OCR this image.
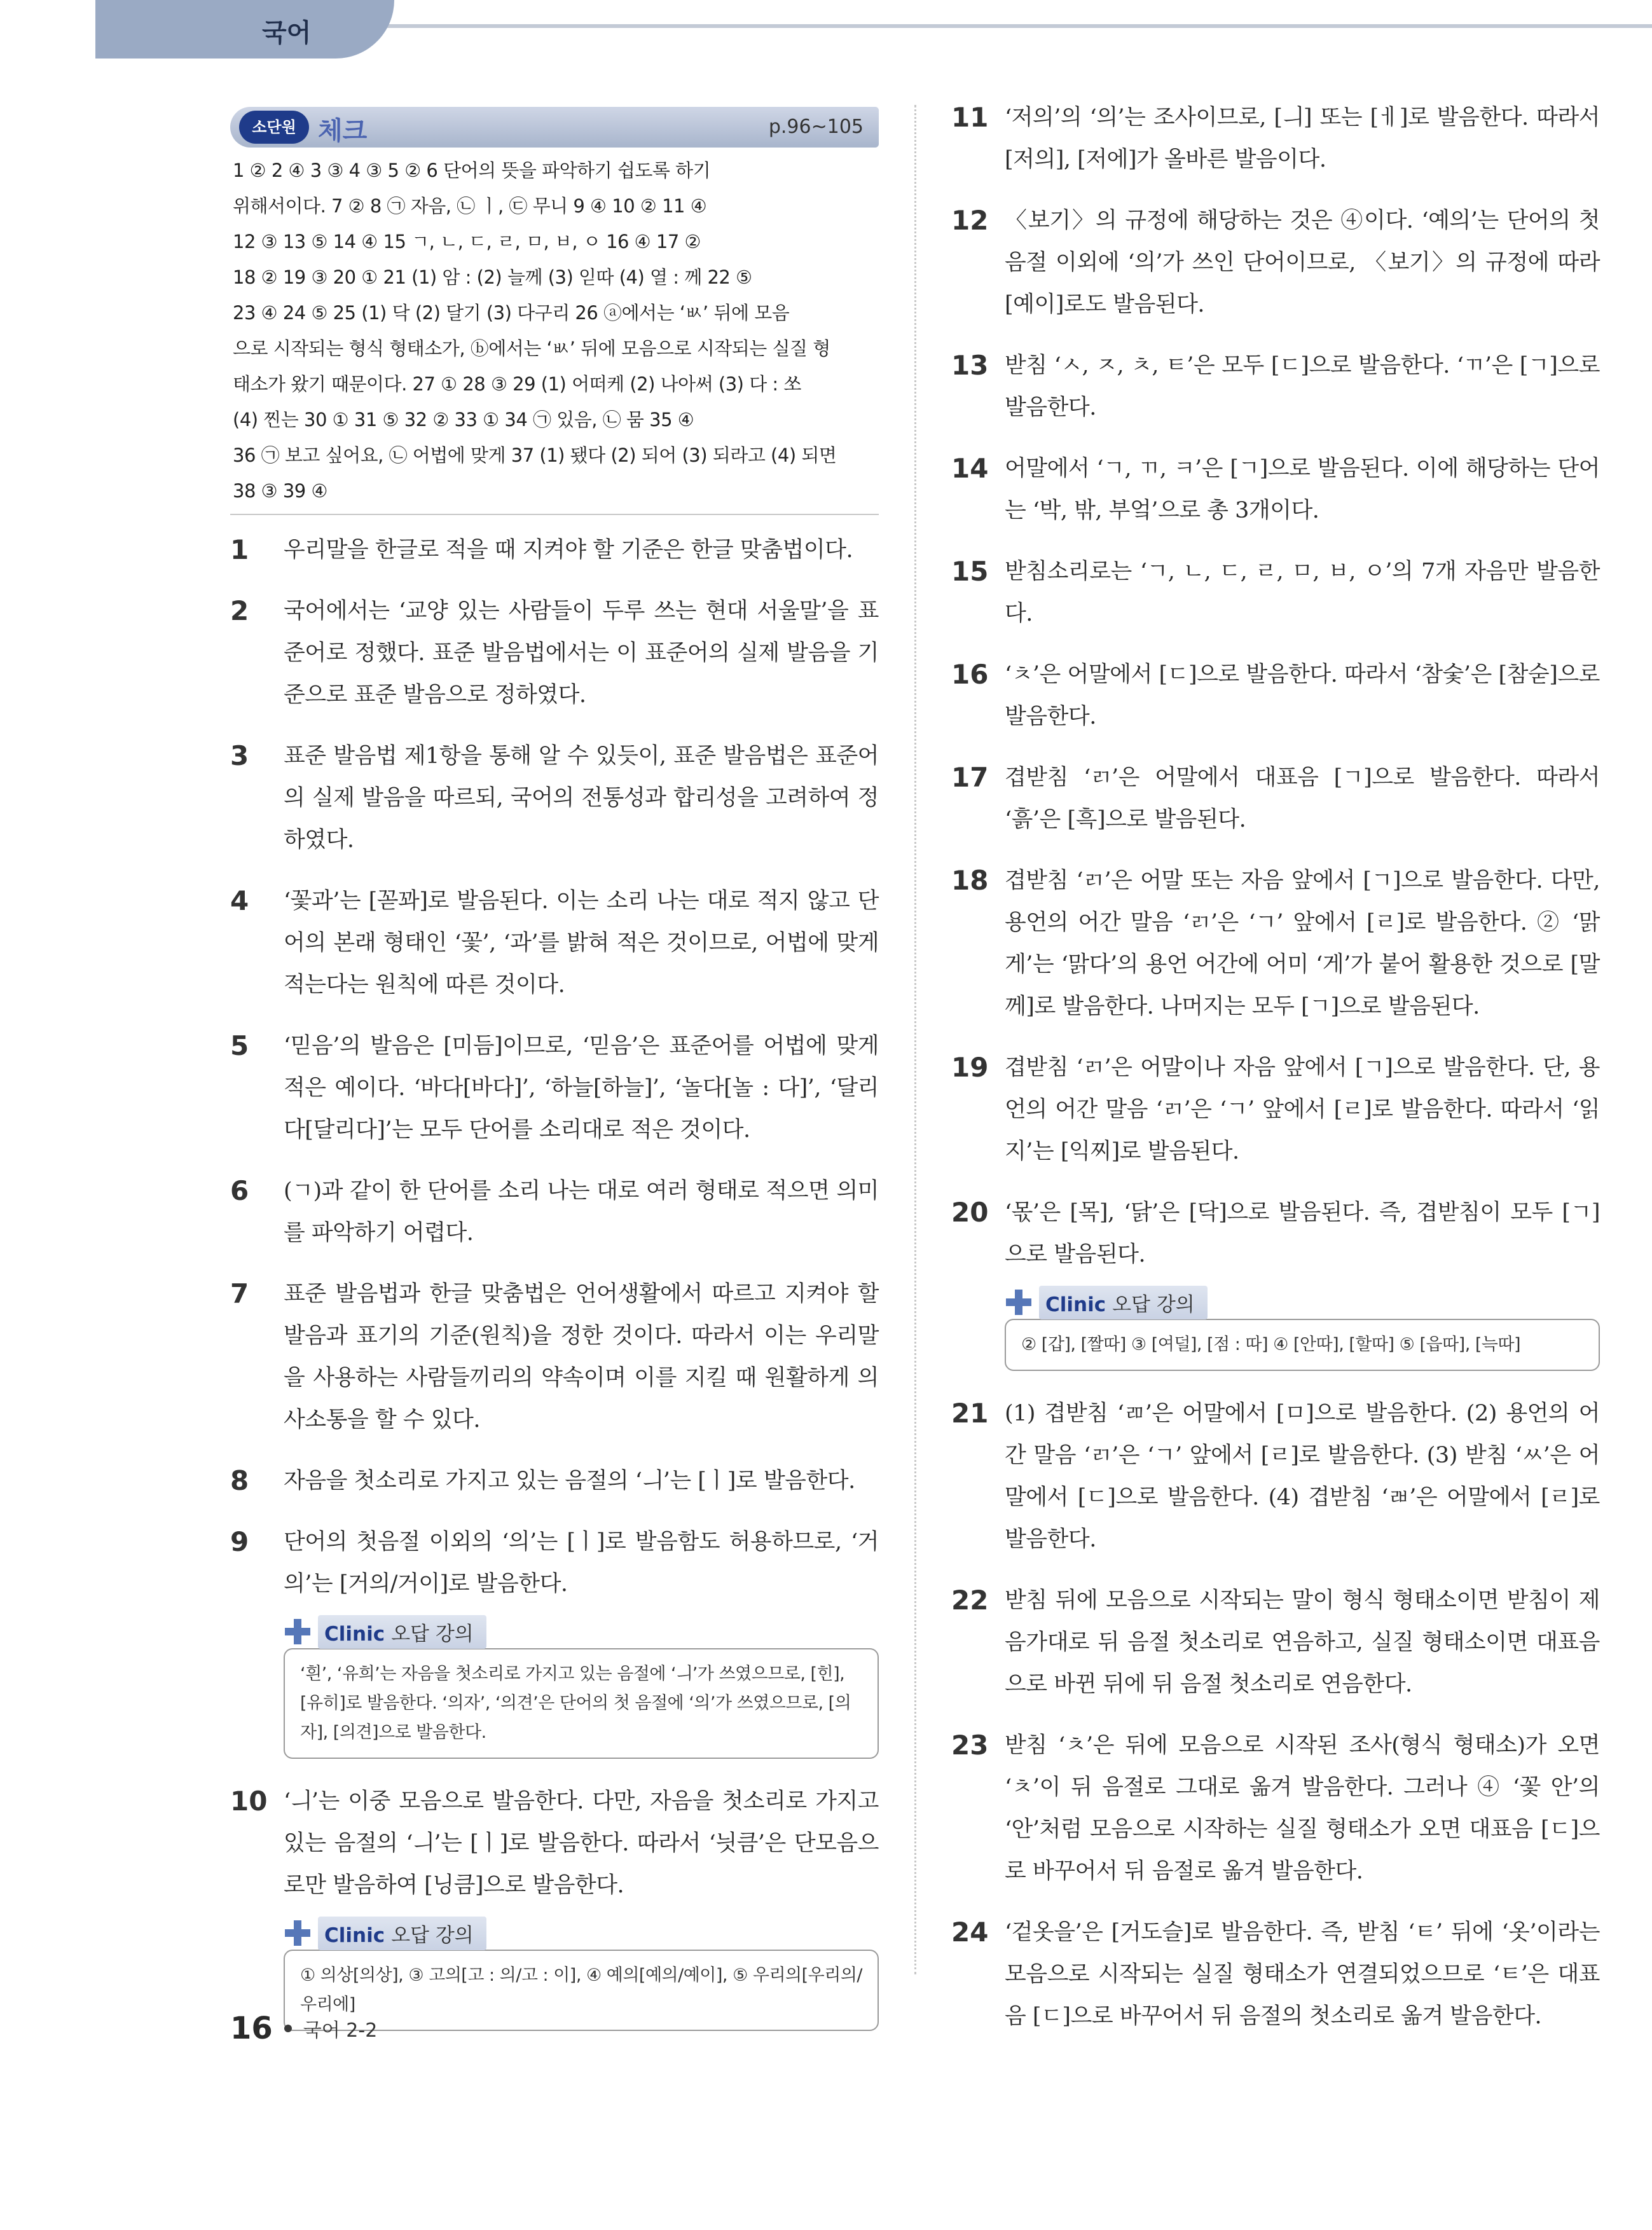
국어
소단원 체크	p.96~105
1 ② 2 ④ 3 ③ 4 ③ 5 ② 6 단어의 뜻을 파악하기 쉽도록 하기
위해서이다. 7 ② 8 ㉠ 자음, ㉡ ㅣ, ㉢ 무니 9 ④ 10 ② 11 ④
12 ③ 13 ⑤ 14 ④ 15 ㄱ, ㄴ, ㄷ, ㄹ, ㅁ, ㅂ, ㅇ 16 ④ 17 ②
18 ② 19 ③ 20 ① 21 (1) 암 : (2) 늘께 (3) 읻따 (4) 열 : 께 22 ⑤
23 ④ 24 ⑤ 25 (1) 닥 (2) 달기 (3) 다구리 26 ⓐ에서는 ‘ㅄ’ 뒤에 모음
으로 시작되는 형식 형태소가, ⓑ에서는 ‘ㅄ’ 뒤에 모음으로 시작되는 실질 형
태소가 왔기 때문이다. 27 ① 28 ③ 29 (1) 어떠케 (2) 나아써 (3) 다 : 쏘
(4) 찐는 30 ① 31 ⑤ 32 ② 33 ① 34 ㉠ 있음, ㉡ 뭄 35 ④
36 ㉠ 보고 싶어요, ㉡ 어법에 맞게 37 (1) 됐다 (2) 되어 (3) 되라고 (4) 되면
38 ③ 39 ④
1	우리말을 한글로 적을 때 지켜야 할 기준은 한글 맞춤법이다.
2	국어에서는 ‘교양 있는 사람들이 두루 쓰는 현대 서울말’을 표준어로 정했다. 표준 발음법에서는 이 표준어의 실제 발음을 기준으로 표준 발음으로 정하였다.
3	표준 발음법 제1항을 통해 알 수 있듯이, 표준 발음법은 표준어의 실제 발음을 따르되, 국어의 전통성과 합리성을 고려하여 정하였다.
4	‘꽃과’는 [꼳꽈]로 발음된다. 이는 소리 나는 대로 적지 않고 단어의 본래 형태인 ‘꽃’, ‘과’를 밝혀 적은 것이므로, 어법에 맞게 적는다는 원칙에 따른 것이다.
5	‘믿음’의 발음은 [미듬]이므로, ‘믿음’은 표준어를 어법에 맞게 적은 예이다. ‘바다[바다]’, ‘하늘[하늘]’, ‘놀다[놀 : 다]’, ‘달리다[달리다]’는 모두 단어를 소리대로 적은 것이다.
6	(ㄱ)과 같이 한 단어를 소리 나는 대로 여러 형태로 적으면 의미를 파악하기 어렵다.
7	표준 발음법과 한글 맞춤법은 언어생활에서 따르고 지켜야 할 발음과 표기의 기준(원칙)을 정한 것이다. 따라서 이는 우리말을 사용하는 사람들끼리의 약속이며 이를 지킬 때 원활하게 의사소통을 할 수 있다.
8	자음을 첫소리로 가지고 있는 음절의 ‘ㅢ’는 [ㅣ]로 발음한다.
9	단어의 첫음절 이외의 ‘의’는 [ㅣ]로 발음함도 허용하므로, ‘거의’는 [거의/거이]로 발음한다.
Clinic 오답 강의
‘흰’, ‘유희’는 자음을 첫소리로 가지고 있는 음절에 ‘ㅢ’가 쓰였으므로, [힌], [유히]로 발음한다. ‘의자’, ‘의견’은 단어의 첫 음절에 ‘의’가 쓰였으므로, [의자], [의견]으로 발음한다.
10 ‘ㅢ’는 이중 모음으로 발음한다. 다만, 자음을 첫소리로 가지고 있는 음절의 ‘ㅢ’는 [ㅣ]로 발음한다. 따라서 ‘늿큼’은 단모음으로만 발음하여 [닝큼]으로 발음한다.
Clinic 오답 강의
① 의상[의상], ③ 고의[고 : 의/고 : 이], ④ 예의[예의/예이], ⑤ 우리의[우리의/우리에]
11 ‘저의’의 ‘의’는 조사이므로, [ㅢ] 또는 [ㅔ]로 발음한다. 따라서 [저의], [저에]가 올바른 발음이다.
12 〈보기〉의 규정에 해당하는 것은 ④이다. ‘예의’는 단어의 첫음절 이외에 ‘의’가 쓰인 단어이므로, 〈보기〉의 규정에 따라 [예이]로도 발음된다.
13 받침 ‘ㅅ, ㅈ, ㅊ, ㅌ’은 모두 [ㄷ]으로 발음한다. ‘ㄲ’은 [ㄱ]으로 발음한다.
14 어말에서 ‘ㄱ, ㄲ, ㅋ’은 [ㄱ]으로 발음된다. 이에 해당하는 단어는 ‘박, 밖, 부엌’으로 총 3개이다.
15 받침소리로는 ‘ㄱ, ㄴ, ㄷ, ㄹ, ㅁ, ㅂ, ㅇ’의 7개 자음만 발음한다.
16 ‘ㅊ’은 어말에서 [ㄷ]으로 발음한다. 따라서 ‘참숯’은 [참숟]으로 발음한다.
17 겹받침 ‘ㄺ’은 어말에서 대표음 [ㄱ]으로 발음한다. 따라서 ‘흙’은 [흑]으로 발음된다.
18 겹받침 ‘ㄺ’은 어말 또는 자음 앞에서 [ㄱ]으로 발음한다. 다만, 용언의 어간 말음 ‘ㄺ’은 ‘ㄱ’ 앞에서 [ㄹ]로 발음한다. ② ‘맑게’는 ‘맑다’의 용언 어간에 어미 ‘게’가 붙어 활용한 것으로 [말께]로 발음한다. 나머지는 모두 [ㄱ]으로 발음된다.
19 겹받침 ‘ㄺ’은 어말이나 자음 앞에서 [ㄱ]으로 발음한다. 단, 용언의 어간 말음 ‘ㄺ’은 ‘ㄱ’ 앞에서 [ㄹ]로 발음한다. 따라서 ‘읽지’는 [익찌]로 발음된다.
20 ‘몫’은 [목], ‘닭’은 [닥]으로 발음된다. 즉, 겹받침이 모두 [ㄱ]으로 발음된다.
Clinic 오답 강의
② [갑], [짤따] ③ [여덜], [점 : 따] ④ [안따], [할따] ⑤ [읍따], [늑따]
21 (1) 겹받침 ‘ㄻ’은 어말에서 [ㅁ]으로 발음한다. (2) 용언의 어간 말음 ‘ㄺ’은 ‘ㄱ’ 앞에서 [ㄹ]로 발음한다. (3) 받침 ‘ㅆ’은 어말에서 [ㄷ]으로 발음한다. (4) 겹받침 ‘ㄼ’은 어말에서 [ㄹ]로 발음한다.
22 받침 뒤에 모음으로 시작되는 말이 형식 형태소이면 받침이 제 음가대로 뒤 음절 첫소리로 연음하고, 실질 형태소이면 대표음으로 바뀐 뒤에 뒤 음절 첫소리로 연음한다.
23 받침 ‘ㅊ’은 뒤에 모음으로 시작된 조사(형식 형태소)가 오면 ‘ㅊ’이 뒤 음절로 그대로 옮겨 발음한다. 그러나 ④ ‘꽃 안’의 ‘안’처럼 모음으로 시작하는 실질 형태소가 오면 대표음 [ㄷ]으로 바꾸어서 뒤 음절로 옮겨 발음한다.
24 ‘겉옷을’은 [거도슬]로 발음한다. 즉, 받침 ‘ㅌ’ 뒤에 ‘옷’이라는 모음으로 시작되는 실질 형태소가 연결되었으므로 ‘ㅌ’은 대표음 [ㄷ]으로 바꾸어서 뒤 음절의 첫소리로 옮겨 발음한다.
16 국어 2-2
